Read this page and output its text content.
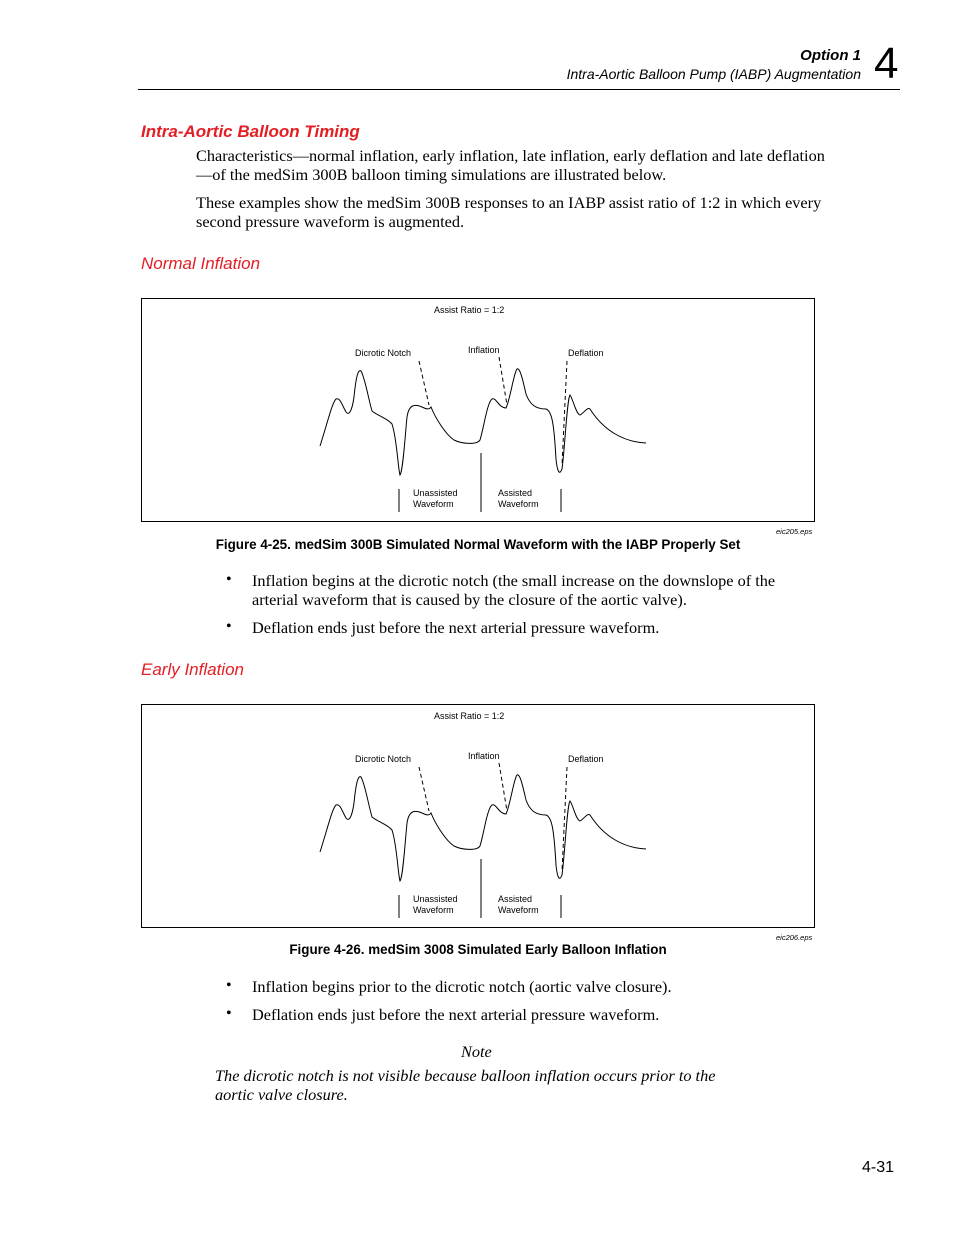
Option 1
Intra-Aortic Balloon Pump (IABP) Augmentation 4
Intra-Aortic Balloon Timing
Characteristics—normal inflation, early inflation, late inflation, early deflation and late deflation—of the medSim 300B balloon timing simulations are illustrated below.
These examples show the medSim 300B responses to an IABP assist ratio of 1:2 in which every second pressure waveform is augmented.
Normal Inflation
Assist Ratio = 1:2
Dicrotic Notch	Inflation	Deflation
Unassisted
Waveform
Assisted
Waveform
eic205.eps
Figure 4-25. medSim 300B Simulated Normal Waveform with the IABP Properly Set
• Inflation begins at the dicrotic notch (the small increase on the downslope of the arterial waveform that is caused by the closure of the aortic valve).
• Deflation ends just before the next arterial pressure waveform.
Early Inflation
Assist Ratio = 1:2
Dicrotic Notch	Inflation	Deflation
Unassisted
Waveform
Assisted
Waveform
eic206.eps
Figure 4-26. medSim 3008 Simulated Early Balloon Inflation
• Inflation begins prior to the dicrotic notch (aortic valve closure).
• Deflation ends just before the next arterial pressure waveform.
Note
The dicrotic notch is not visible because balloon inflation occurs prior to the aortic valve closure.
4-31
